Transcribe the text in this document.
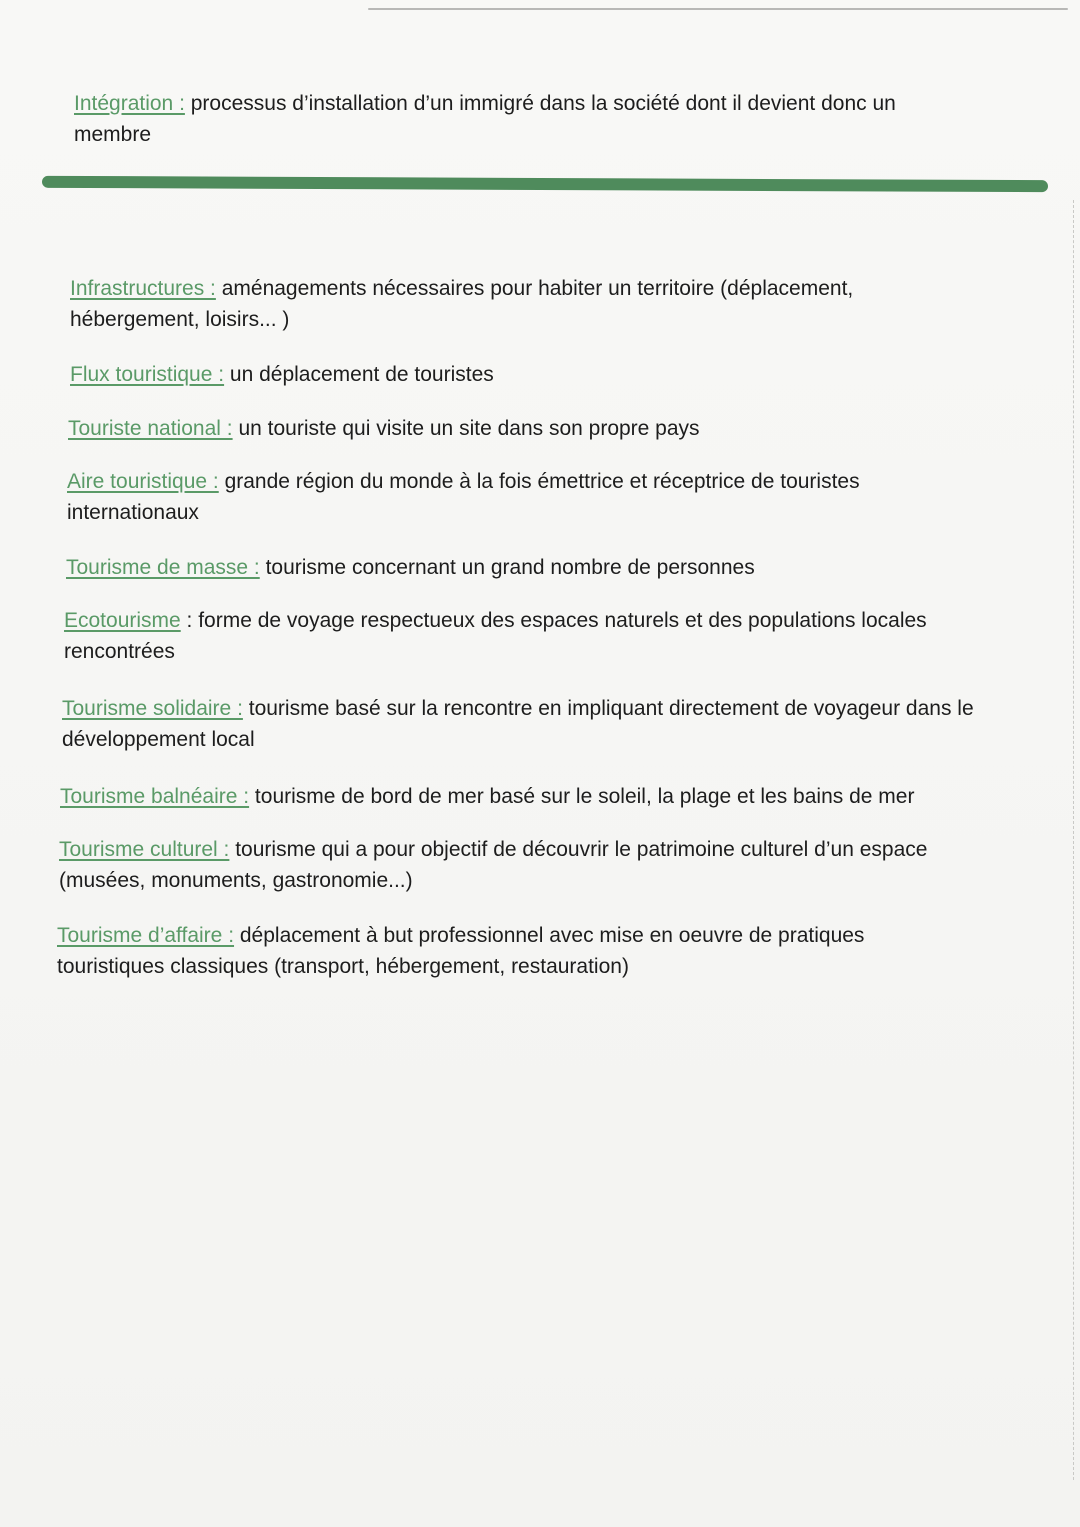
Intégration : processus d’installation d’un immigré dans la société dont il devient donc un membre
Infrastructures : aménagements nécessaires pour habiter un territoire (déplacement, hébergement, loisirs... )
Flux touristique : un déplacement de touristes
Touriste national : un touriste qui visite un site dans son propre pays
Aire touristique : grande région du monde à la fois émettrice et réceptrice de touristes internationaux
Tourisme de masse : tourisme concernant un grand nombre de personnes
Ecotourisme : forme de voyage respectueux des espaces naturels et des populations locales rencontrées
Tourisme solidaire : tourisme basé sur la rencontre en impliquant directement de voyageur dans le développement local
Tourisme balnéaire : tourisme de bord de mer basé sur le soleil, la plage et les bains de mer
Tourisme culturel : tourisme qui a pour objectif de découvrir le patrimoine culturel d’un espace (musées, monuments, gastronomie...)
Tourisme d’affaire : déplacement à but professionnel avec mise en oeuvre de pratiques touristiques classiques (transport, hébergement, restauration)
